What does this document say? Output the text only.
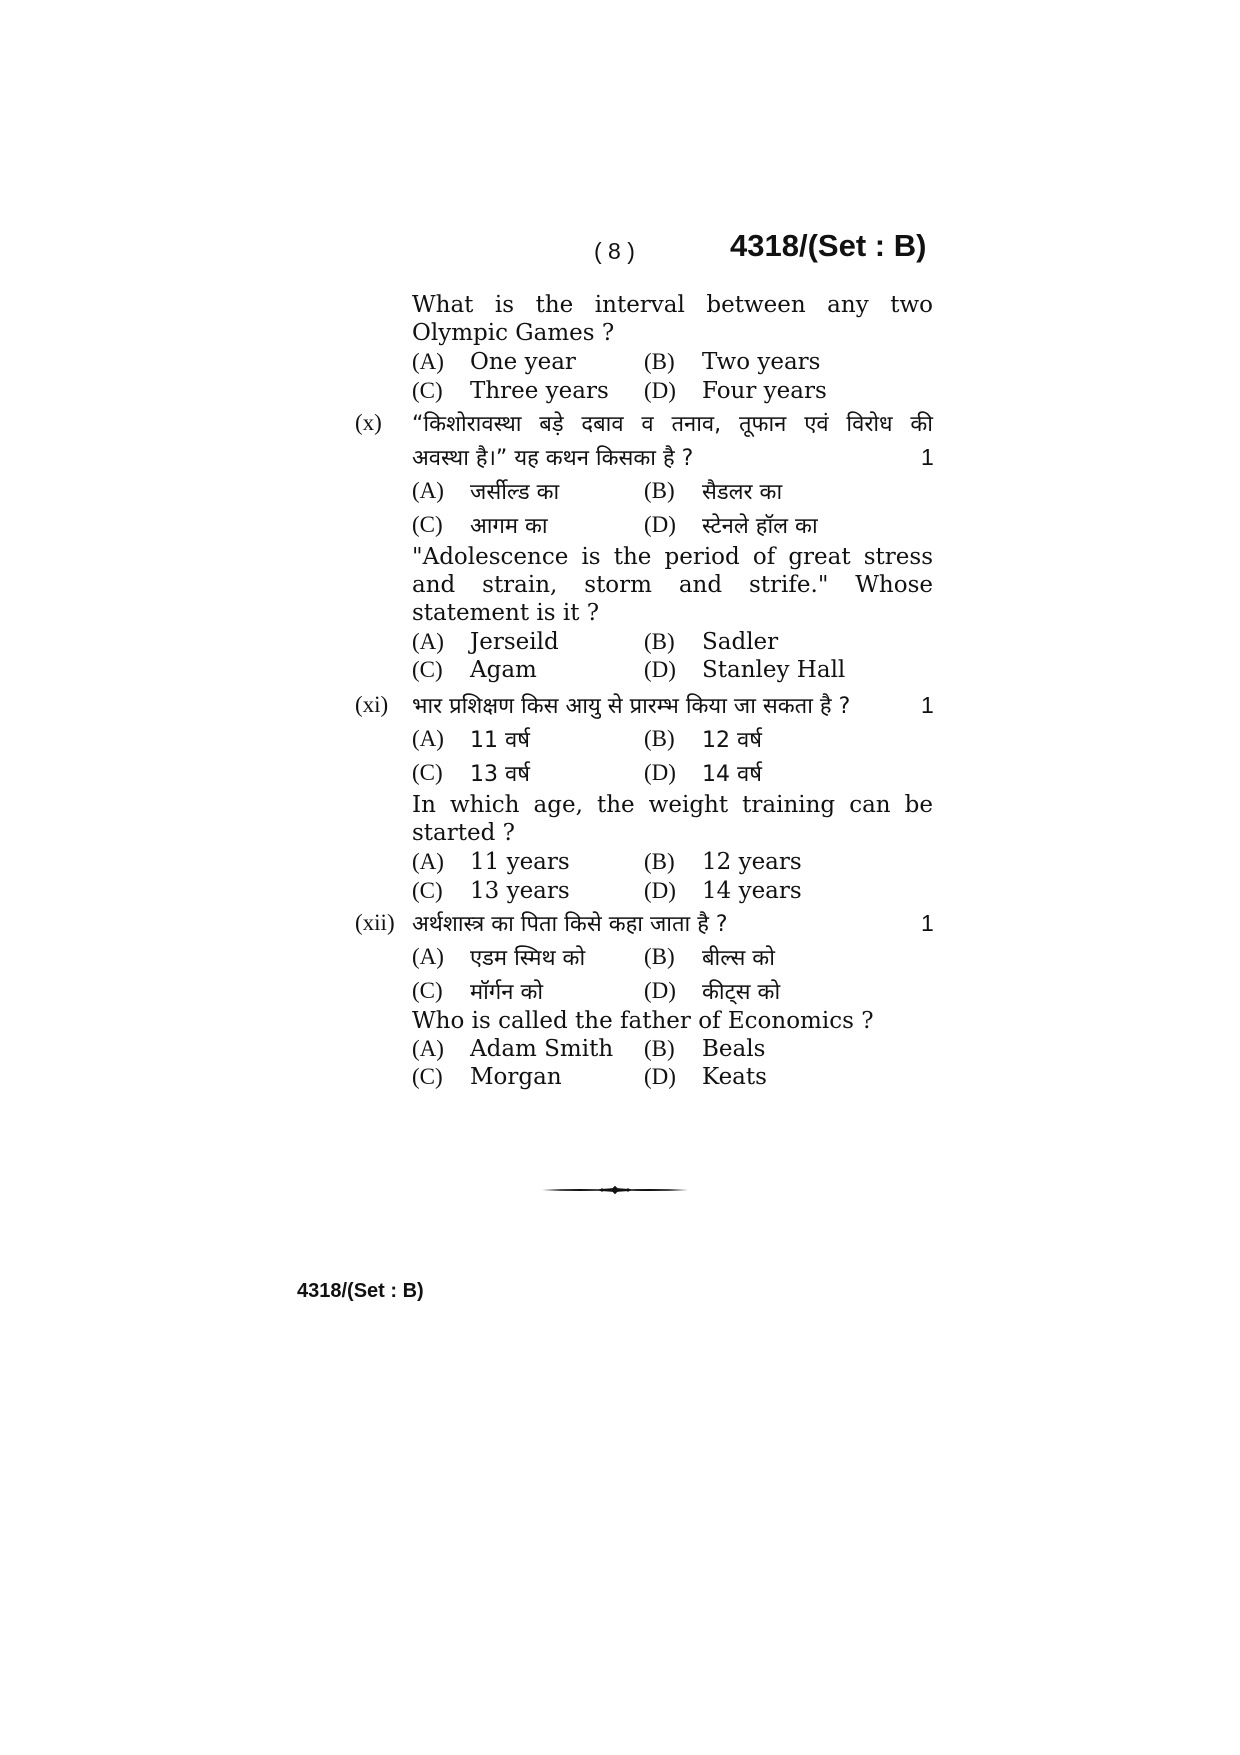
( 8 )	4318/(Set : B)
What is the interval between any two
Olympic Games ?
(A) One year	(B) Two years
(C) Three years (D) Four years
(x) “किशोरावस्था बड़े दबाव व तनाव, तूफान एवं विरोध की
अवस्था है।” यह कथन किसका है ?	1
(A) जर्सील्ड का	(B) सैडलर का
(C) आगम का	(D) स्टेनले हॉल का
"Adolescence is the period of great stress
and strain, storm and strife." Whose
statement is it ?
(A) Jerseild	(B) Sadler
(C) Agam	(D) Stanley Hall
(xi) भार प्रशिक्षण किस आयु से प्रारम्भ किया जा सकता है ?	1
(A) 11 वर्ष	(B) 12 वर्ष
(C) 13 वर्ष	(D) 14 वर्ष
In which age, the weight training can be
started ?
(A) 11 years	(B) 12 years
(C) 13 years	(D) 14 years
(xii) अर्थशास्त्र का पिता किसे कहा जाता है ?	1
(A) एडम स्मिथ को	(B) बील्स को
(C) मॉर्गन को	(D) कीट्स को
Who is called the father of Economics ?
(A) Adam Smith (B) Beals
(C) Morgan	(D) Keats
4318/(Set : B)
